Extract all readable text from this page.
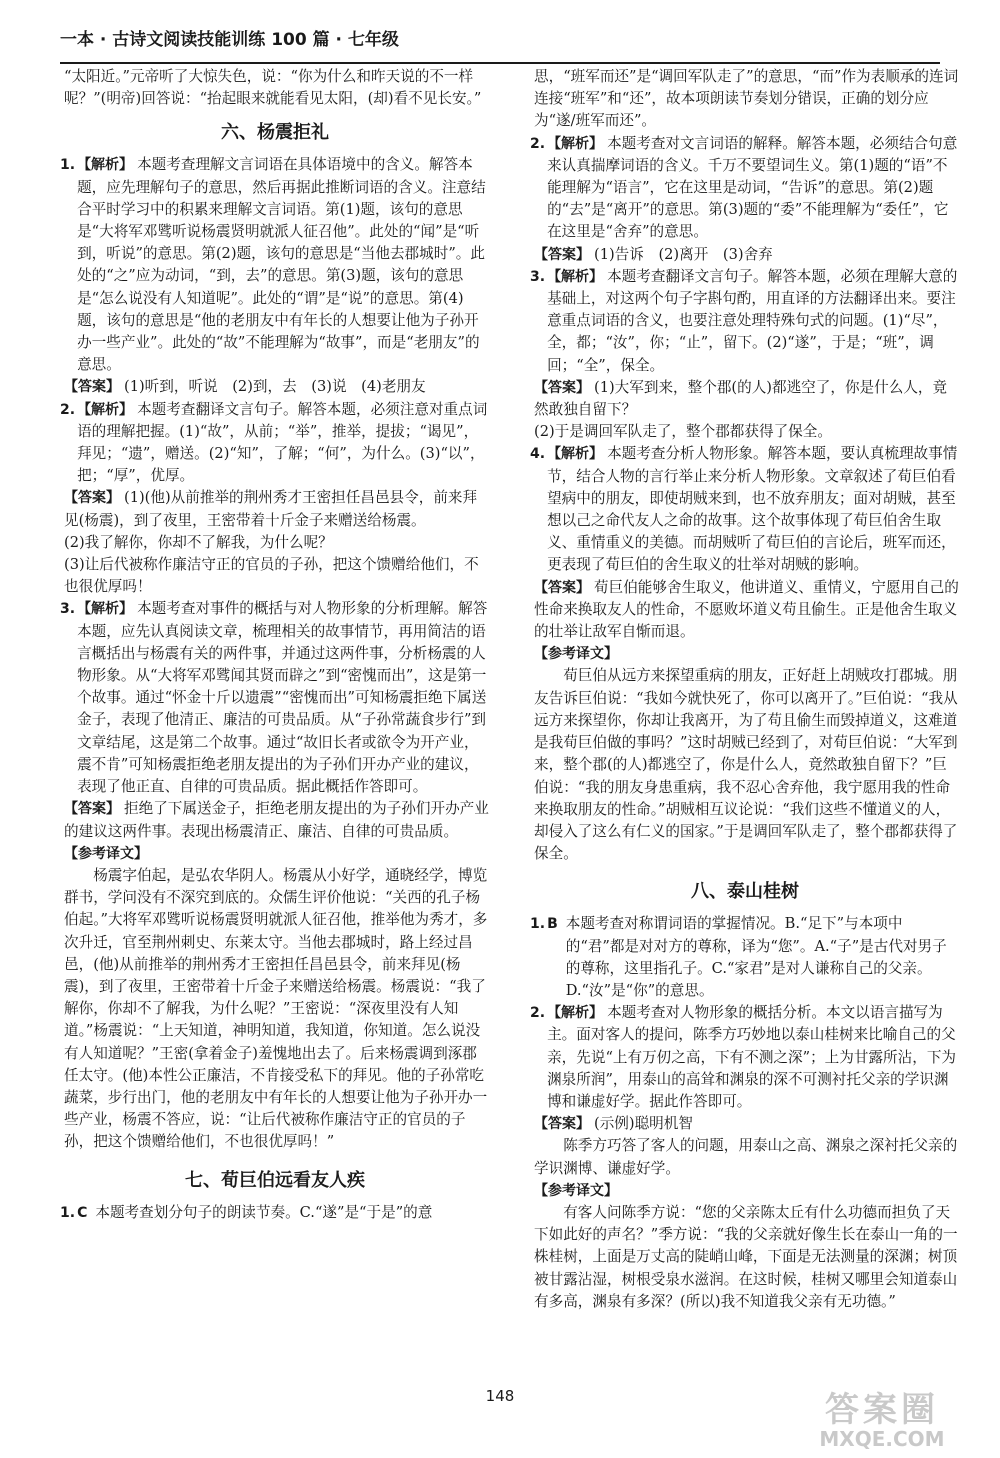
一本 · 古诗文阅读技能训练 100 篇 · 七年级

“太阳近。”元帝听了大惊失色，说：“你为什么和昨天说的不一样呢？”(明帝)回答说：“抬起眼来就能看见太阳，(却)看不见长安。”

六、杨震拒礼
1. 【解析】 本题考查理解文言词语在具体语境中的含义。解答本题，应先理解句子的意思，然后再据此推断词语的含义。注意结合平时学习中的积累来理解文言词语。第(1)题，该句的意思是“大将军邓骘听说杨震贤明就派人征召他”。此处的“闻”是“听到，听说”的意思。第(2)题，该句的意思是“当他去郡城时”。此处的“之”应为动词，“到，去”的意思。第(3)题，该句的意思是“怎么说没有人知道呢”。此处的“谓”是“说”的意思。第(4)题，该句的意思是“他的老朋友中有年长的人想要让他为子孙开办一些产业”。此处的“故”不能理解为“故事”，而是“老朋友”的意思。

【答案】 (1)听到，听说　(2)到，去　(3)说　(4)老朋友

2. 【解析】 本题考查翻译文言句子。解答本题，必须注意对重点词语的理解把握。(1)“故”，从前；“举”，推举，提拔；“谒见”，拜见；“遗”，赠送。(2)“知”，了解；“何”，为什么。(3)“以”，把；“厚”，优厚。

【答案】 (1)(他)从前推举的荆州秀才王密担任昌邑县令，前来拜见(杨震)，到了夜里，王密带着十斤金子来赠送给杨震。

(2)我了解你，你却不了解我，为什么呢？

(3)让后代被称作廉洁守正的官员的子孙，把这个馈赠给他们，不也很优厚吗！

3. 【解析】 本题考查对事件的概括与对人物形象的分析理解。解答本题，应先认真阅读文章，梳理相关的故事情节，再用简洁的语言概括出与杨震有关的两件事，并通过这两件事，分析杨震的人物形象。从“大将军邓骘闻其贤而辟之”到“密愧而出”，这是第一个故事。通过“怀金十斤以遗震”“密愧而出”可知杨震拒绝下属送金子，表现了他清正、廉洁的可贵品质。从“子孙常蔬食步行”到文章结尾，这是第二个故事。通过“故旧长者或欲令为开产业，震不肯”可知杨震拒绝老朋友提出的为子孙们开办产业的建议，表现了他正直、自律的可贵品质。据此概括作答即可。

【答案】 拒绝了下属送金子，拒绝老朋友提出的为子孙们开办产业的建议这两件事。表现出杨震清正、廉洁、自律的可贵品质。

【参考译文】

杨震字伯起，是弘农华阴人。杨震从小好学，通晓经学，博览群书，学问没有不深究到底的。众儒生评价他说：“关西的孔子杨伯起。”大将军邓骘听说杨震贤明就派人征召他，推举他为秀才，多次升迁，官至荆州刺史、东莱太守。当他去郡城时，路上经过昌邑，(他)从前推举的荆州秀才王密担任昌邑县令，前来拜见(杨震)，到了夜里，王密带着十斤金子来赠送给杨震。杨震说：“我了解你，你却不了解我，为什么呢？”王密说：“深夜里没有人知道。”杨震说：“上天知道，神明知道，我知道，你知道。怎么说没有人知道呢？”王密(拿着金子)羞愧地出去了。后来杨震调到涿郡任太守。(他)本性公正廉洁，不肯接受私下的拜见。他的子孙常吃蔬菜，步行出门，他的老朋友中有年长的人想要让他为子孙开办一些产业，杨震不答应，说：“让后代被称作廉洁守正的官员的子孙，把这个馈赠给他们，不也很优厚吗！”

七、荀巨伯远看友人疾
1. C 本题考查划分句子的朗读节奏。C.“遂”是“于是”的意

思，“班军而还”是“调回军队走了”的意思，“而”作为表顺承的连词连接“班军”和“还”，故本项朗读节奏划分错误，正确的划分应为“遂/班军而还”。

2. 【解析】 本题考查对文言词语的解释。解答本题，必须结合句意来认真揣摩词语的含义。千万不要望词生义。第(1)题的“语”不能理解为“语言”，它在这里是动词，“告诉”的意思。第(2)题的“去”是“离开”的意思。第(3)题的“委”不能理解为“委任”，它在这里是“舍弃”的意思。

【答案】 (1)告诉　(2)离开　(3)舍弃

3. 【解析】 本题考查翻译文言句子。解答本题，必须在理解大意的基础上，对这两个句子字斟句酌，用直译的方法翻译出来。要注意重点词语的含义，也要注意处理特殊句式的问题。(1)“尽”，全，都；“汝”，你；“止”，留下。(2)“遂”，于是；“班”，调回；“全”，保全。

【答案】 (1)大军到来，整个郡(的人)都逃空了，你是什么人，竟然敢独自留下？

(2)于是调回军队走了，整个郡都获得了保全。

4. 【解析】 本题考查分析人物形象。解答本题，要认真梳理故事情节，结合人物的言行举止来分析人物形象。文章叙述了荀巨伯看望病中的朋友，即使胡贼来到，也不放弃朋友；面对胡贼，甚至想以己之命代友人之命的故事。这个故事体现了荀巨伯舍生取义、重情重义的美德。而胡贼听了荀巨伯的言论后，班军而还，更表现了荀巨伯的舍生取义的壮举对胡贼的影响。

【答案】 荀巨伯能够舍生取义，他讲道义、重情义，宁愿用自己的性命来换取友人的性命，不愿败坏道义苟且偷生。正是他舍生取义的壮举让敌军自惭而退。

【参考译文】

荀巨伯从远方来探望重病的朋友，正好赶上胡贼攻打郡城。朋友告诉巨伯说：“我如今就快死了，你可以离开了。”巨伯说：“我从远方来探望你，你却让我离开，为了苟且偷生而毁掉道义，这难道是我荀巨伯做的事吗？”这时胡贼已经到了，对荀巨伯说：“大军到来，整个郡(的人)都逃空了，你是什么人，竟然敢独自留下？”巨伯说：“我的朋友身患重病，我不忍心舍弃他，我宁愿用我的性命来换取朋友的性命。”胡贼相互议论说：“我们这些不懂道义的人，却侵入了这么有仁义的国家。”于是调回军队走了，整个郡都获得了保全。

八、泰山桂树
1. B 本题考查对称谓词语的掌握情况。B.“足下”与本项中的“君”都是对对方的尊称，译为“您”。A.“子”是古代对男子的尊称，这里指孔子。C.“家君”是对人谦称自己的父亲。D.“汝”是“你”的意思。

2. 【解析】 本题考查对人物形象的概括分析。本文以语言描写为主。面对客人的提问，陈季方巧妙地以泰山桂树来比喻自己的父亲，先说“上有万仞之高，下有不测之深”；上为甘露所沾，下为渊泉所润”，用泰山的高耸和渊泉的深不可测衬托父亲的学识渊博和谦虚好学。据此作答即可。

【答案】 (示例)聪明机智

陈季方巧答了客人的问题，用泰山之高、渊泉之深衬托父亲的学识渊博、谦虚好学。

【参考译文】

有客人问陈季方说：“您的父亲陈太丘有什么功德而担负了天下如此好的声名？”季方说：“我的父亲就好像生长在泰山一角的一株桂树，上面是万丈高的陡峭山峰，下面是无法测量的深渊；树顶被甘露沾湿，树根受泉水滋润。在这时候，桂树又哪里会知道泰山有多高，渊泉有多深？(所以)我不知道我父亲有无功德。”

148	答案圈
MXQE.COM
